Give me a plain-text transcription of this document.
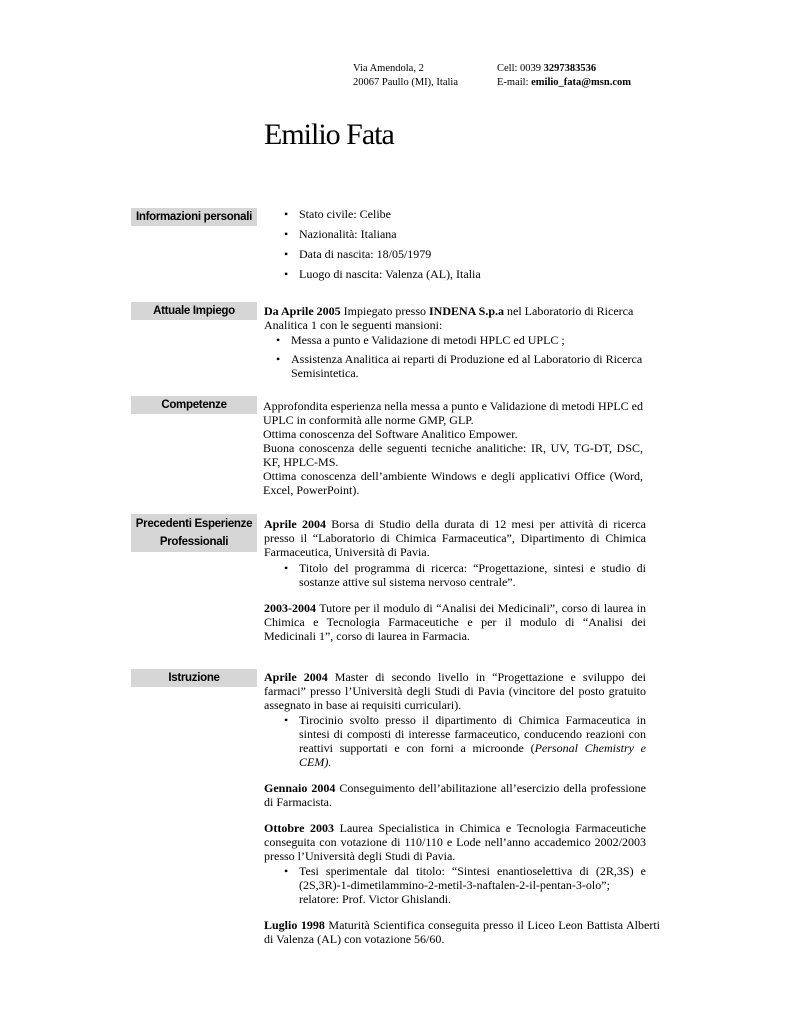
Via Amendola, 2
20067 Paullo (MI), Italia
Cell: 0039 3297383536
E-mail: emilio_fata@msn.com
Emilio Fata
Informazioni personali
•	Stato civile: Celibe
• Nazionalità: Italiana
• Data di nascita: 18/05/1979
• Luogo di nascita: Valenza (AL), Italia
Attuale Impiego	Da Aprile 2005 Impiegato presso INDENA S.p.a nel Laboratorio di Ricerca Analitica 1 con le seguenti mansioni:
• Messa a punto e Validazione di metodi HPLC ed UPLC ;
• Assistenza Analitica ai reparti di Produzione ed al Laboratorio di Ricerca Semisintetica.
Competenze	Approfondita esperienza nella messa a punto e Validazione di metodi HPLC ed UPLC in conformità alle norme GMP, GLP.
Ottima conoscenza del Software Analitico Empower.
Buona conoscenza delle seguenti tecniche analitiche: IR, UV, TG-DT, DSC, KF, HPLC-MS.
Ottima conoscenza dell’ambiente Windows e degli applicativi Office (Word, Excel, PowerPoint).
Precedenti Esperienze
Professionali
Aprile 2004 Borsa di Studio della durata di 12 mesi per attività di ricerca presso il “Laboratorio di Chimica Farmaceutica”, Dipartimento di Chimica Farmaceutica, Università di Pavia.
• Titolo del programma di ricerca: “Progettazione, sintesi e studio di sostanze attive sul sistema nervoso centrale”.
2003-2004 Tutore per il modulo di “Analisi dei Medicinali”, corso di laurea in Chimica e Tecnologia Farmaceutiche e per il modulo di “Analisi dei Medicinali 1”, corso di laurea in Farmacia.
Istruzione	Aprile 2004 Master di secondo livello in “Progettazione e sviluppo dei farmaci” presso l’Università degli Studi di Pavia (vincitore del posto gratuito assegnato in base ai requisiti curriculari).
• Tirocinio svolto presso il dipartimento di Chimica Farmaceutica in sintesi di composti di interesse farmaceutico, conducendo reazioni con reattivi supportati e con forni a microonde (Personal Chemistry e CEM).
Gennaio 2004 Conseguimento dell’abilitazione all’esercizio della professione di Farmacista.
Ottobre 2003 Laurea Specialistica in Chimica e Tecnologia Farmaceutiche conseguita con votazione di 110/110 e Lode nell’anno accademico 2002/2003 presso l’Università degli Studi di Pavia.
• Tesi sperimentale dal titolo: “Sintesi enantioselettiva di (2R,3S) e (2S,3R)-1-dimetilammino-2-metil-3-naftalen-2-il-pentan-3-olo”; relatore: Prof. Victor Ghislandi.
Luglio 1998 Maturità Scientifica conseguita presso il Liceo Leon Battista Alberti di Valenza (AL) con votazione 56/60.
